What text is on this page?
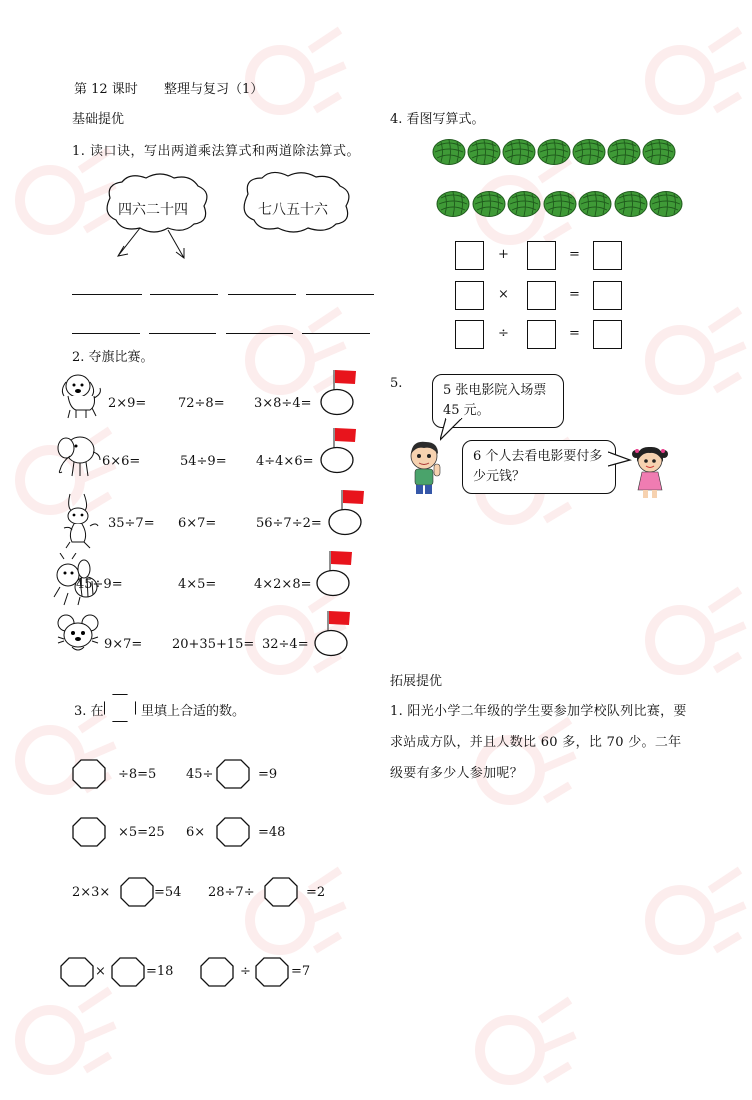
第 12 课时 整理与复习（1）
基础提优
1. 读口诀，写出两道乘法算式和两道除法算式。
四六二十四	七八五十六
2. 夺旗比赛。
2×9= 72÷8= 3×8÷4=
6×6=	54÷9= 4÷4×6=
35÷7= 6×7=	56÷7÷2=
45÷9=	4×5=	4×2×8=
9×7= 20+35+15= 32÷4=
3. 在	里填上合适的数。
÷8=5 45÷	=9
×5=25 6×	=48
2×3×	=54 28÷7÷	=2
×	=18	÷	=7
4. 看图写算式。
+	=
×	=
÷	=
5.	5 张电影院入场票 45 元。
6 个人去看电影要付多少元钱？
拓展提优
1. 阳光小学二年级的学生要参加学校队列比赛，要求站成方队，并且人数比 60 多，比 70 少。二年级要有多少人参加呢？
